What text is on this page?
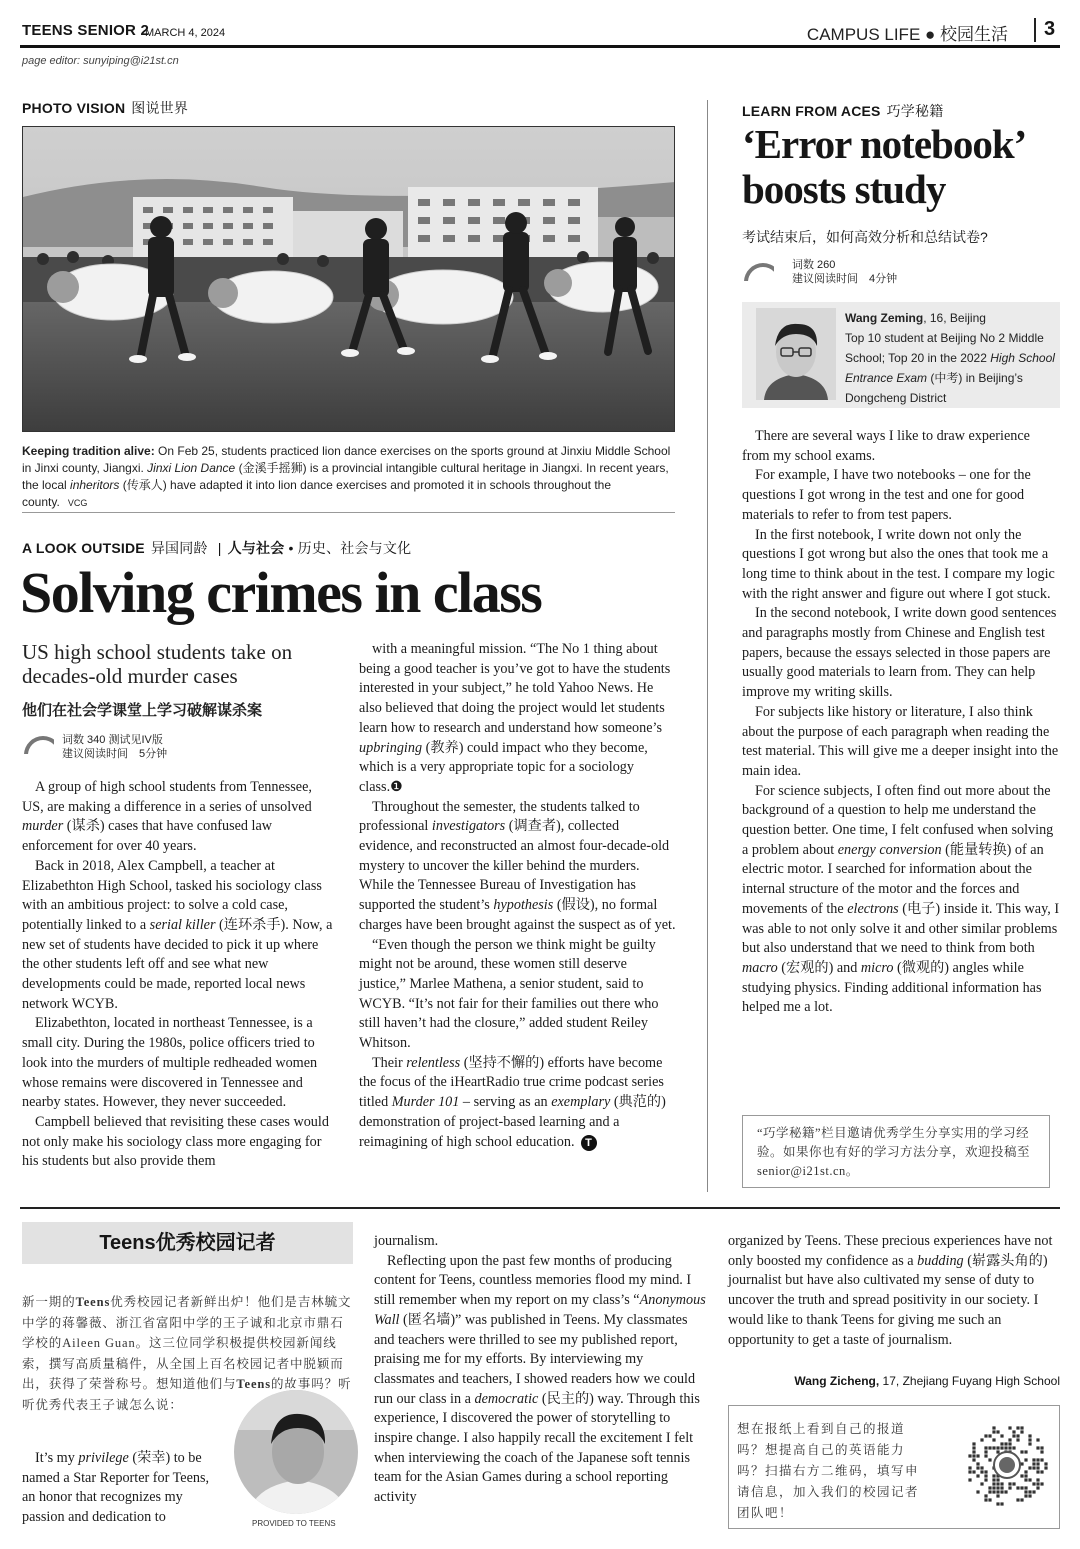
TEENS SENIOR 2
MARCH 4, 2024	CAMPUS LIFE ● 校园生活 3
page editor: sunyiping@i21st.cn
PHOTO VISION 图说世界
Keeping tradition alive: On Feb 25, students practiced lion dance exercises on the sports ground at Jinxiu Middle School in Jinxi county, Jiangxi. Jinxi Lion Dance (金溪手摇狮) is a provincial intangible cultural heritage in Jiangxi. In recent years, the local inheritors (传承人) have adapted it into lion dance exercises and promoted it in schools throughout the county. VCG
A LOOK OUTSIDE 异国同龄 | 人与社会 • 历史、社会与文化
Solving crimes in class
US high school students take on decades-old murder cases
他们在社会学课堂上学习破解谋杀案
词数 340 测试见IV版
建议阅读时间　5分钟

A group of high school students from Tennessee, US, are making a difference in a series of unsolved murder (谋杀) cases that have confused law enforcement for over 40 years.

Back in 2018, Alex Campbell, a teacher at Elizabethton High School, tasked his sociology class with an ambitious project: to solve a cold case, potentially linked to a serial killer (连环杀手). Now, a new set of students have decided to pick it up where the other students left off and see what new developments could be made, reported local news network WCYB.

Elizabethton, located in northeast Tennessee, is a small city. During the 1980s, police officers tried to look into the murders of multiple redheaded women whose remains were discovered in Tennessee and nearby states. However, they never succeeded.

Campbell believed that revisiting these cases would not only make his sociology class more engaging for his students but also provide them

with a meaningful mission. “The No 1 thing about being a good teacher is you’ve got to have the students interested in your subject,” he told Yahoo News. He also believed that doing the project would let students learn how to research and understand how someone’s upbringing (教养) could impact who they become, which is a very appropriate topic for a sociology class.❶

Throughout the semester, the students talked to professional investigators (调查者), collected evidence, and reconstructed an almost four-decade-old mystery to uncover the killer behind the murders. While the Tennessee Bureau of Investigation has supported the student’s hypothesis (假设), no formal charges have been brought against the suspect as of yet.

“Even though the person we think might be guilty might not be around, these women still deserve justice,” Marlee Mathena, a senior student, said to WCYB. “It’s not fair for their families out there who still haven’t had the closure,” added student Reiley Whitson.

Their relentless (坚持不懈的) efforts have become the focus of the iHeartRadio true crime podcast series titled Murder 101 – serving as an exemplary (典范的) demonstration of project-based learning and a reimagining of high school education. T

LEARN FROM ACES 巧学秘籍
‘Error notebook’ boosts study
考试结束后，如何高效分析和总结试卷?
词数 260
建议阅读时间　4分钟
Wang Zeming, 16, Beijing
Top 10 student at Beijing No 2 Middle School; Top 20 in the 2022 High School Entrance Exam (中考) in Beijing’s Dongcheng District

There are several ways I like to draw experience from my school exams.

For example, I have two notebooks – one for the questions I got wrong in the test and one for good materials to refer to from test papers.

In the first notebook, I write down not only the questions I got wrong but also the ones that took me a long time to think about in the test. I compare my logic with the right answer and figure out where I got stuck.

In the second notebook, I write down good sentences and paragraphs mostly from Chinese and English test papers, because the essays selected in those papers are usually good materials to learn from. They can help improve my writing skills.

For subjects like history or literature, I also think about the purpose of each paragraph when reading the test material. This will give me a deeper insight into the main idea.

For science subjects, I often find out more about the background of a question to help me understand the question better. One time, I felt confused when solving a problem about energy conversion (能量转换) of an electric motor. I searched for information about the internal structure of the motor and the forces and movements of the electrons (电子) inside it. This way, I was able to not only solve it and other similar problems but also understand that we need to think from both macro (宏观的) and micro (微观的) angles while studying physics. Finding additional information has helped me a lot.

“巧学秘籍”栏目邀请优秀学生分享实用的学习经验。如果你也有好的学习方法分享，欢迎投稿至senior@i21st.cn。
Teens优秀校园记者
新一期的Teens优秀校园记者新鲜出炉！他们是吉林毓文中学的蒋馨薇、浙江省富阳中学的王子诚和北京市鼎石学校的Aileen Guan。这三位同学积极提供校园新闻线索，撰写高质量稿件，从全国上百名校园记者中脱颖而出，获得了荣誉称号。想知道他们与Teens的故事吗？听听优秀代表王子诚怎么说：
PROVIDED TO TEENS

It’s my privilege (荣幸) to be named a Star Reporter for Teens, an honor that recognizes my passion and dedication to

journalism.

Reflecting upon the past few months of producing content for Teens, countless memories flood my mind. I still remember when my report on my class’s “Anonymous Wall (匿名墙)” was published in Teens. My classmates and teachers were thrilled to see my published report, praising me for my efforts. By interviewing my classmates and teachers, I showed readers how we could run our class in a democratic (民主的) way. Through this experience, I discovered the power of storytelling to inspire change. I also happily recall the excitement I felt when interviewing the coach of the Japanese soft tennis team for the Asian Games during a school reporting activity

organized by Teens. These precious experiences have not only boosted my confidence as a budding (崭露头角的) journalist but have also cultivated my sense of duty to uncover the truth and spread positivity in our society. I would like to thank Teens for giving me such an opportunity to get a taste of journalism.

Wang Zicheng, 17, Zhejiang Fuyang High School
想在报纸上看到自己的报道吗？想提高自己的英语能力吗？扫描右方二维码，填写申请信息，加入我们的校园记者团队吧！
